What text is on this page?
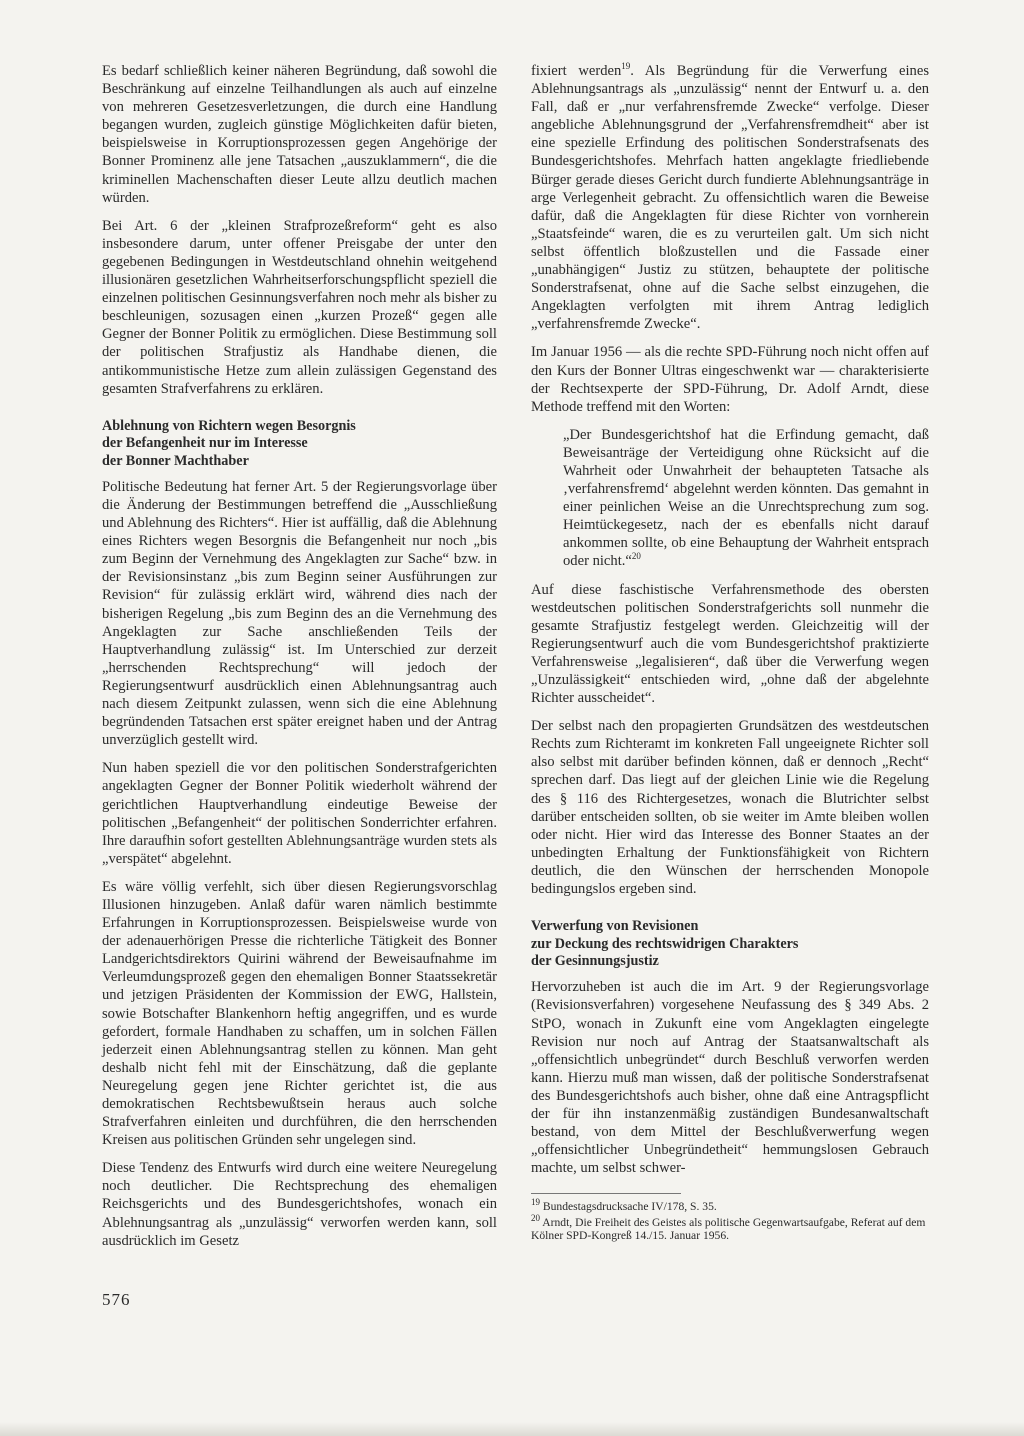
Es bedarf schließlich keiner näheren Begründung, daß sowohl die Beschränkung auf einzelne Teilhandlungen als auch auf einzelne von mehreren Gesetzesverletzungen, die durch eine Handlung begangen wurden, zugleich günstige Möglichkeiten dafür bieten, beispielsweise in Korruptionsprozessen gegen Angehörige der Bonner Prominenz alle jene Tatsachen „auszuklammern“, die die kriminellen Machenschaften dieser Leute allzu deutlich machen würden.

Bei Art. 6 der „kleinen Strafprozeßreform“ geht es also insbesondere darum, unter offener Preisgabe der unter den gegebenen Bedingungen in Westdeutschland ohnehin weitgehend illusionären gesetzlichen Wahrheitserforschungspflicht speziell die einzelnen politischen Gesinnungsverfahren noch mehr als bisher zu beschleunigen, sozusagen einen „kurzen Prozeß“ gegen alle Gegner der Bonner Politik zu ermöglichen. Diese Bestimmung soll der politischen Strafjustiz als Handhabe dienen, die antikommunistische Hetze zum allein zulässigen Gegenstand des gesamten Strafverfahrens zu erklären.

Ablehnung von Richtern wegen Besorgnis
der Befangenheit nur im Interesse
der Bonner Machthaber

Politische Bedeutung hat ferner Art. 5 der Regierungsvorlage über die Änderung der Bestimmungen betreffend die „Ausschließung und Ablehnung des Richters“. Hier ist auffällig, daß die Ablehnung eines Richters wegen Besorgnis die Befangenheit nur noch „bis zum Beginn der Vernehmung des Angeklagten zur Sache“ bzw. in der Revisionsinstanz „bis zum Beginn seiner Ausführungen zur Revision“ für zulässig erklärt wird, während dies nach der bisherigen Regelung „bis zum Beginn des an die Vernehmung des Angeklagten zur Sache anschließenden Teils der Hauptverhandlung zulässig“ ist. Im Unterschied zur derzeit „herrschenden Rechtsprechung“ will jedoch der Regierungsentwurf ausdrücklich einen Ablehnungsantrag auch nach diesem Zeitpunkt zulassen, wenn sich die eine Ablehnung begründenden Tatsachen erst später ereignet haben und der Antrag unverzüglich gestellt wird.

Nun haben speziell die vor den politischen Sonderstrafgerichten angeklagten Gegner der Bonner Politik wiederholt während der gerichtlichen Hauptverhandlung eindeutige Beweise der politischen „Befangenheit“ der politischen Sonderrichter erfahren. Ihre daraufhin sofort gestellten Ablehnungsanträge wurden stets als „verspätet“ abgelehnt.

Es wäre völlig verfehlt, sich über diesen Regierungsvorschlag Illusionen hinzugeben. Anlaß dafür waren nämlich bestimmte Erfahrungen in Korruptionsprozessen. Beispielsweise wurde von der adenauerhörigen Presse die richterliche Tätigkeit des Bonner Landgerichtsdirektors Quirini während der Beweisaufnahme im Verleumdungsprozeß gegen den ehemaligen Bonner Staatssekretär und jetzigen Präsidenten der Kommission der EWG, Hallstein, sowie Botschafter Blankenhorn heftig angegriffen, und es wurde gefordert, formale Handhaben zu schaffen, um in solchen Fällen jederzeit einen Ablehnungsantrag stellen zu können. Man geht deshalb nicht fehl mit der Einschätzung, daß die geplante Neuregelung gegen jene Richter gerichtet ist, die aus demokratischen Rechtsbewußtsein heraus auch solche Strafverfahren einleiten und durchführen, die den herrschenden Kreisen aus politischen Gründen sehr ungelegen sind.

Diese Tendenz des Entwurfs wird durch eine weitere Neuregelung noch deutlicher. Die Rechtsprechung des ehemaligen Reichsgerichts und des Bundesgerichtshofes, wonach ein Ablehnungsantrag als „unzulässig“ verworfen werden kann, soll ausdrücklich im Gesetz

fixiert werden$^{19}$. Als Begründung für die Verwerfung eines Ablehnungsantrags als „unzulässig“ nennt der Entwurf u. a. den Fall, daß er „nur verfahrensfremde Zwecke“ verfolge. Dieser angebliche Ablehnungsgrund der „Verfahrensfremdheit“ aber ist eine spezielle Erfindung des politischen Sonderstrafsenats des Bundesgerichtshofes. Mehrfach hatten angeklagte friedliebende Bürger gerade dieses Gericht durch fundierte Ablehnungsanträge in arge Verlegenheit gebracht. Zu offensichtlich waren die Beweise dafür, daß die Angeklagten für diese Richter von vornherein „Staatsfeinde“ waren, die es zu verurteilen galt. Um sich nicht selbst öffentlich bloßzustellen und die Fassade einer „unabhängigen“ Justiz zu stützen, behauptete der politische Sonderstrafsenat, ohne auf die Sache selbst einzugehen, die Angeklagten verfolgten mit ihrem Antrag lediglich „verfahrensfremde Zwecke“.

Im Januar 1956 — als die rechte SPD-Führung noch nicht offen auf den Kurs der Bonner Ultras eingeschwenkt war — charakterisierte der Rechtsexperte der SPD-Führung, Dr. Adolf Arndt, diese Methode treffend mit den Worten:

„Der Bundesgerichtshof hat die Erfindung gemacht, daß Beweisanträge der Verteidigung ohne Rücksicht auf die Wahrheit oder Unwahrheit der behaupteten Tatsache als ‚verfahrensfremd‘ abgelehnt werden könnten. Das gemahnt in einer peinlichen Weise an die Unrechtsprechung zum sog. Heimtückegesetz, nach der es ebenfalls nicht darauf ankommen sollte, ob eine Behauptung der Wahrheit entsprach oder nicht.“$^{20}$

Auf diese faschistische Verfahrensmethode des obersten westdeutschen politischen Sonderstrafgerichts soll nunmehr die gesamte Strafjustiz festgelegt werden. Gleichzeitig will der Regierungsentwurf auch die vom Bundesgerichtshof praktizierte Verfahrensweise „legalisieren“, daß über die Verwerfung wegen „Unzulässigkeit“ entschieden wird, „ohne daß der abgelehnte Richter ausscheidet“.

Der selbst nach den propagierten Grundsätzen des westdeutschen Rechts zum Richteramt im konkreten Fall ungeeignete Richter soll also selbst mit darüber befinden können, daß er dennoch „Recht“ sprechen darf. Das liegt auf der gleichen Linie wie die Regelung des § 116 des Richtergesetzes, wonach die Blutrichter selbst darüber entscheiden sollten, ob sie weiter im Amte bleiben wollen oder nicht. Hier wird das Interesse des Bonner Staates an der unbedingten Erhaltung der Funktionsfähigkeit von Richtern deutlich, die den Wünschen der herrschenden Monopole bedingungslos ergeben sind.

Verwerfung von Revisionen
zur Deckung des rechtswidrigen Charakters
der Gesinnungsjustiz

Hervorzuheben ist auch die im Art. 9 der Regierungsvorlage (Revisionsverfahren) vorgesehene Neufassung des § 349 Abs. 2 StPO, wonach in Zukunft eine vom Angeklagten eingelegte Revision nur noch auf Antrag der Staatsanwaltschaft als „offensichtlich unbegründet“ durch Beschluß verworfen werden kann. Hierzu muß man wissen, daß der politische Sonderstrafsenat des Bundesgerichtshofs auch bisher, ohne daß eine Antragspflicht der für ihn instanzenmäßig zuständigen Bundesanwaltschaft bestand, von dem Mittel der Beschlußverwerfung wegen „offensichtlicher Unbegründetheit“ hemmungslosen Gebrauch machte, um selbst schwer-

$^{19}$ Bundestagsdrucksache IV/178, S. 35.

$^{20}$ Arndt, Die Freiheit des Geistes als politische Gegenwartsaufgabe, Referat auf dem Kölner SPD-Kongreß 14./15. Januar 1956.

576
